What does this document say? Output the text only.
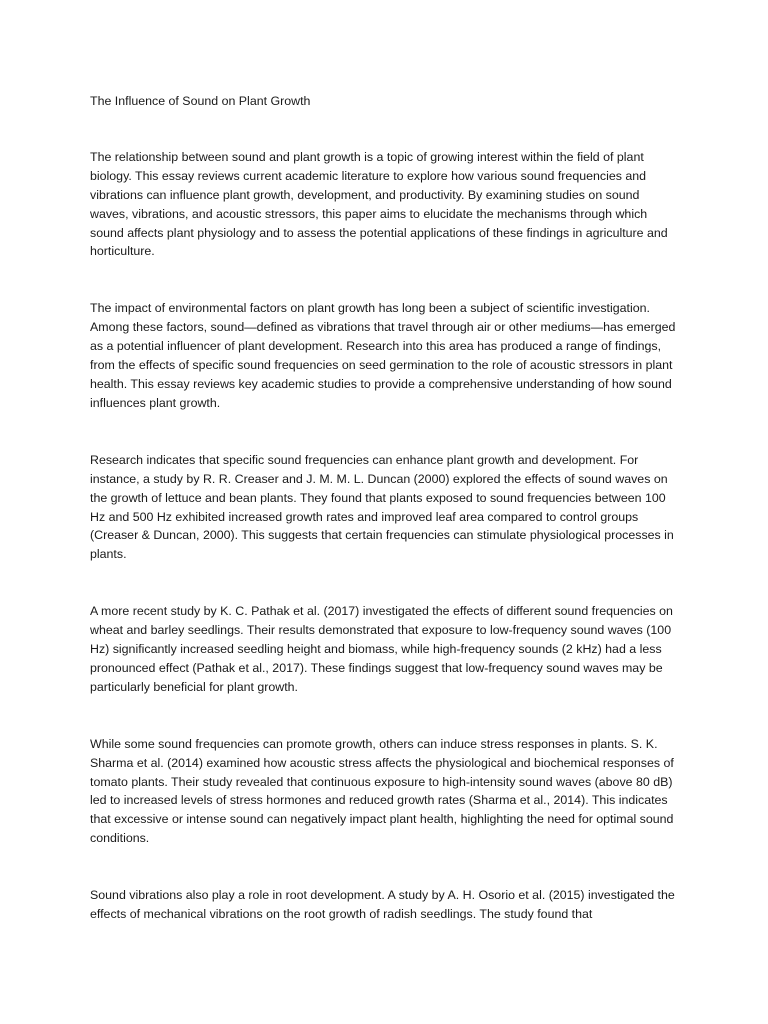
The Influence of Sound on Plant Growth

The relationship between sound and plant growth is a topic of growing interest within the field of plant biology. This essay reviews current academic literature to explore how various sound frequencies and vibrations can influence plant growth, development, and productivity. By examining studies on sound waves, vibrations, and acoustic stressors, this paper aims to elucidate the mechanisms through which sound affects plant physiology and to assess the potential applications of these findings in agriculture and horticulture.

The impact of environmental factors on plant growth has long been a subject of scientific investigation. Among these factors, sound—defined as vibrations that travel through air or other mediums—has emerged as a potential influencer of plant development. Research into this area has produced a range of findings, from the effects of specific sound frequencies on seed germination to the role of acoustic stressors in plant health. This essay reviews key academic studies to provide a comprehensive understanding of how sound influences plant growth.

Research indicates that specific sound frequencies can enhance plant growth and development. For instance, a study by R. R. Creaser and J. M. M. L. Duncan (2000) explored the effects of sound waves on the growth of lettuce and bean plants. They found that plants exposed to sound frequencies between 100 Hz and 500 Hz exhibited increased growth rates and improved leaf area compared to control groups (Creaser & Duncan, 2000). This suggests that certain frequencies can stimulate physiological processes in plants.

A more recent study by K. C. Pathak et al. (2017) investigated the effects of different sound frequencies on wheat and barley seedlings. Their results demonstrated that exposure to low-frequency sound waves (100 Hz) significantly increased seedling height and biomass, while high-frequency sounds (2 kHz) had a less pronounced effect (Pathak et al., 2017). These findings suggest that low-frequency sound waves may be particularly beneficial for plant growth.

While some sound frequencies can promote growth, others can induce stress responses in plants. S. K. Sharma et al. (2014) examined how acoustic stress affects the physiological and biochemical responses of tomato plants. Their study revealed that continuous exposure to high-intensity sound waves (above 80 dB) led to increased levels of stress hormones and reduced growth rates (Sharma et al., 2014). This indicates that excessive or intense sound can negatively impact plant health, highlighting the need for optimal sound conditions.

Sound vibrations also play a role in root development. A study by A. H. Osorio et al. (2015) investigated the effects of mechanical vibrations on the root growth of radish seedlings. The study found that
